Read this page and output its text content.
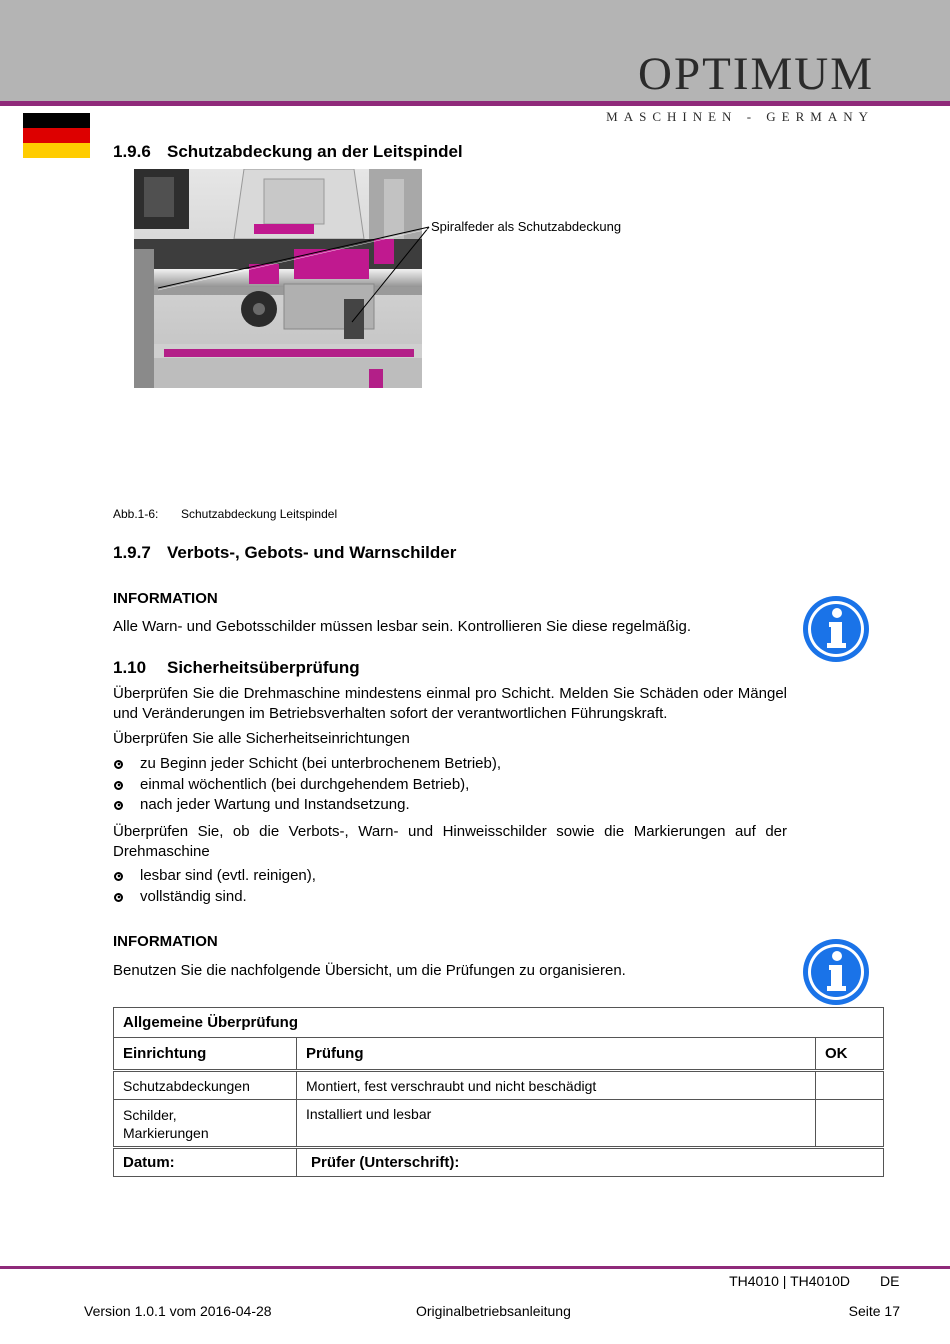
OPTIMUM
MASCHINEN - GERMANY
1.9.6 Schutzabdeckung an der Leitspindel
Spiralfeder als Schutzabdeckung
Abb.1-6: Schutzabdeckung Leitspindel
1.9.7 Verbots-, Gebots- und Warnschilder
INFORMATION
Alle Warn- und Gebotsschilder müssen lesbar sein. Kontrollieren Sie diese regelmäßig.
1.10 Sicherheitsüberprüfung
Überprüfen Sie die Drehmaschine mindestens einmal pro Schicht. Melden Sie Schäden oder Mängel und Veränderungen im Betriebsverhalten sofort der verantwortlichen Führungskraft.
Überprüfen Sie alle Sicherheitseinrichtungen
zu Beginn jeder Schicht (bei unterbrochenem Betrieb),
einmal wöchentlich (bei durchgehendem Betrieb),
nach jeder Wartung und Instandsetzung.
Überprüfen Sie, ob die Verbots-, Warn- und Hinweisschilder sowie die Markierungen auf der Drehmaschine
lesbar sind (evtl. reinigen),
vollständig sind.
INFORMATION
Benutzen Sie die nachfolgende Übersicht, um die Prüfungen zu organisieren.
Allgemeine Überprüfung		
Einrichtung	Prüfung	OK
Schutzabdeckungen	Montiert, fest verschraubt und nicht beschädigt	

Schilder, Markierungen	Installiert und lesbar	
Datum:	Prüfer (Unterschrift):	
TH4010 | TH4010D DE
Version 1.0.1 vom 2016-04-28	Originalbetriebsanleitung	Seite 17
